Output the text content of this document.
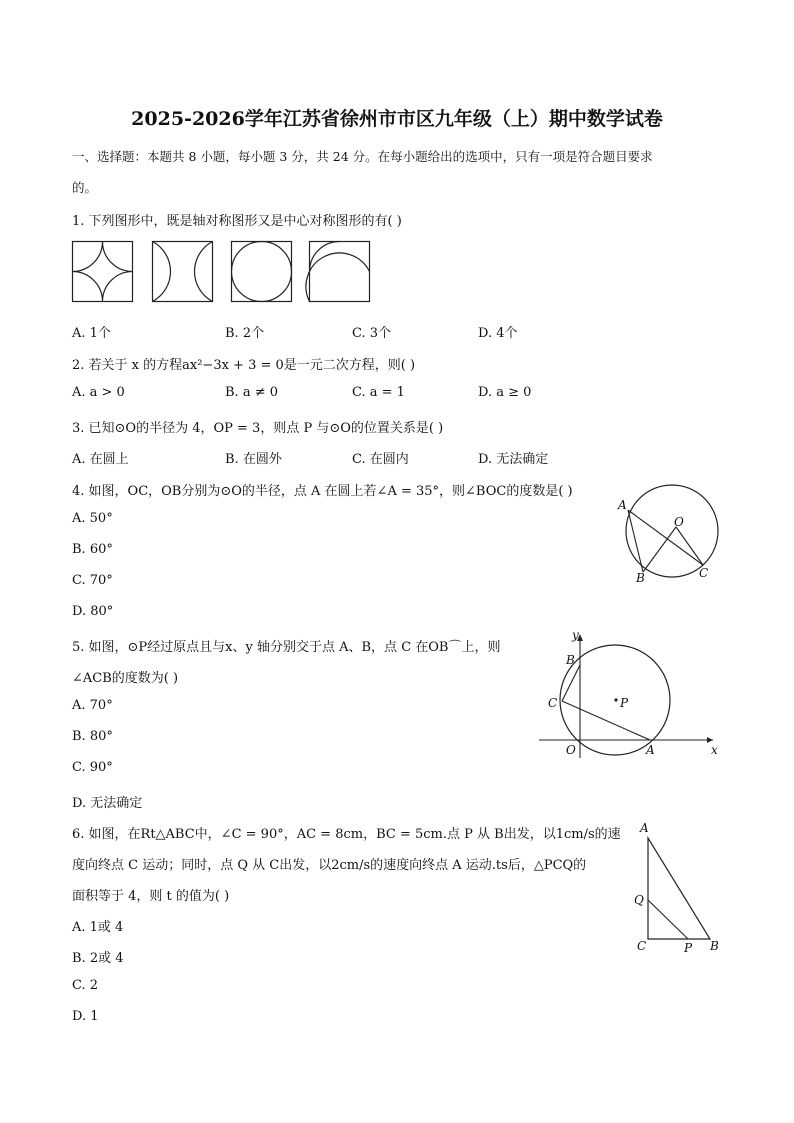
2025-2026学年江苏省徐州市市区九年级（上）期中数学试卷
一、选择题：本题共 8 小题，每小题 3 分，共 24 分。在每小题给出的选项中，只有一项是符合题目要求
的。
1. 下列图形中，既是轴对称图形又是中心对称图形的有( )
A. 1个	B. 2个	C. 3个	D. 4个
2. 若关于 x 的方程ax²−3x + 3 = 0是一元二次方程，则( )
A. a > 0	B. a ≠ 0	C. a = 1	D. a ≥ 0
3. 已知⊙O的半径为 4，OP = 3，则点 P 与⊙O的位置关系是( )
A. 在圆上	B. 在圆外	C. 在圆内	D. 无法确定
4. 如图，OC，OB分别为⊙O的半径，点 A 在圆上若∠A = 35°，则∠BOC的度数是( )
A. 50°
B. 60°
C. 70°
D. 80°
A
O
B	C
5. 如图，⊙P经过原点且与x、y 轴分别交于点 A、B，点 C 在OB⌒上，则
∠ACB的度数为( )
A. 70°
B. 80°
C. 90°
D. 无法确定
y
B
C	P
O	A	x
6. 如图，在Rt△ABC中，∠C = 90°，AC = 8cm，BC = 5cm.点 P 从 B出发，以1cm/s的速
度向终点 C 运动；同时，点 Q 从 C出发，以2cm/s的速度向终点 A 运动.ts后，△PCQ的
面积等于 4，则 t 的值为( )
A. 1或 4
B. 2或 4
C. 2
D. 1
A
Q
C	P B
